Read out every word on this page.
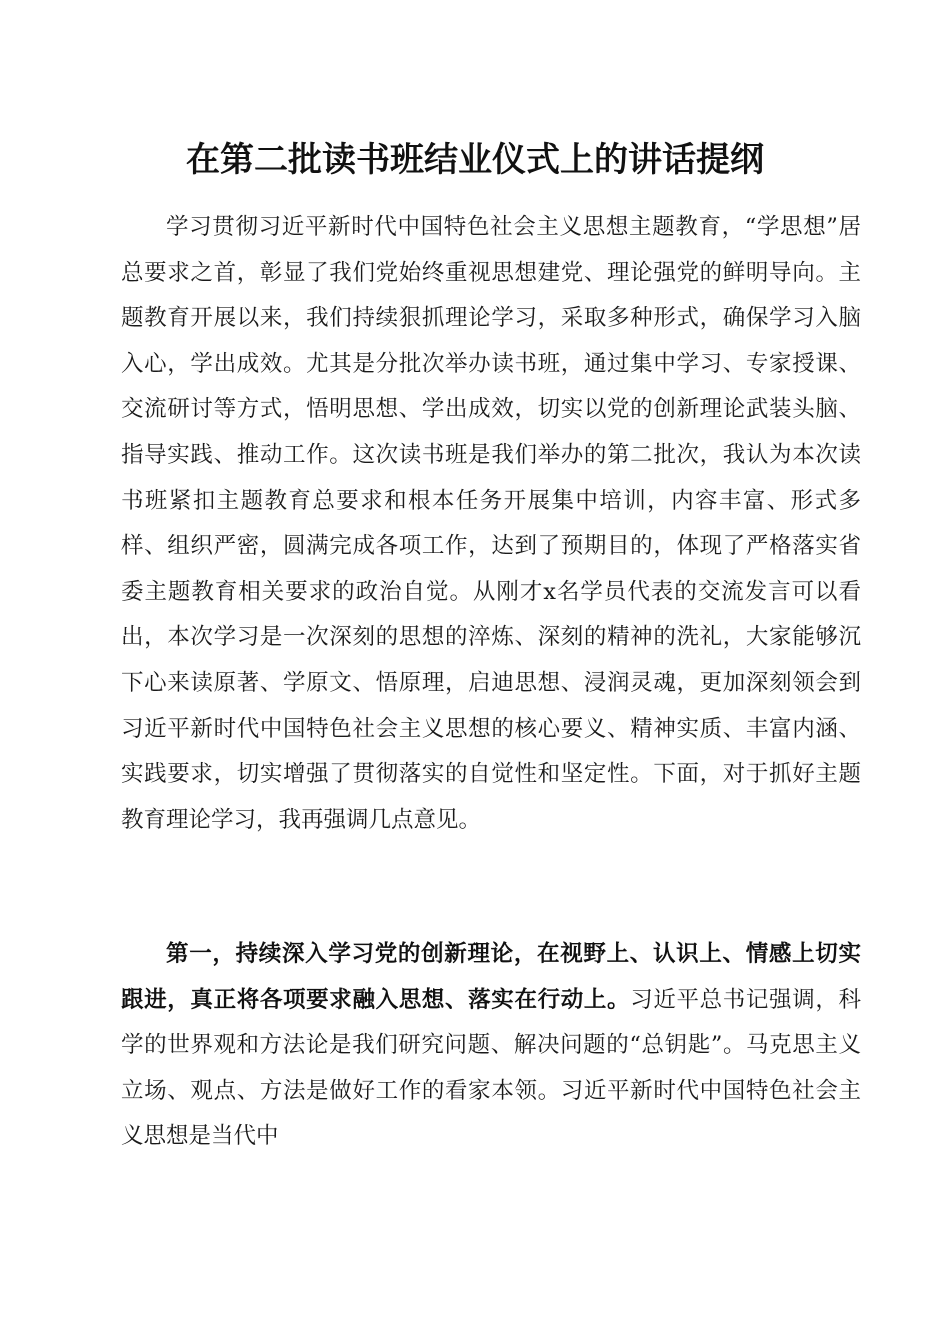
在第二批读书班结业仪式上的讲话提纲

学习贯彻习近平新时代中国特色社会主义思想主题教育，“学思想”居总要求之首，彰显了我们党始终重视思想建党、理论强党的鲜明导向。主题教育开展以来，我们持续狠抓理论学习，采取多种形式，确保学习入脑入心，学出成效。尤其是分批次举办读书班，通过集中学习、专家授课、交流研讨等方式，悟明思想、学出成效，切实以党的创新理论武装头脑、指导实践、推动工作。这次读书班是我们举办的第二批次，我认为本次读书班紧扣主题教育总要求和根本任务开展集中培训，内容丰富、形式多样、组织严密，圆满完成各项工作，达到了预期目的，体现了严格落实省委主题教育相关要求的政治自觉。从刚才x名学员代表的交流发言可以看出，本次学习是一次深刻的思想的淬炼、深刻的精神的洗礼，大家能够沉下心来读原著、学原文、悟原理，启迪思想、浸润灵魂，更加深刻领会到习近平新时代中国特色社会主义思想的核心要义、精神实质、丰富内涵、实践要求，切实增强了贯彻落实的自觉性和坚定性。下面，对于抓好主题教育理论学习，我再强调几点意见。

第一，持续深入学习党的创新理论，在视野上、认识上、情感上切实跟进，真正将各项要求融入思想、落实在行动上。习近平总书记强调，科学的世界观和方法论是我们研究问题、解决问题的“总钥匙”。马克思主义立场、观点、方法是做好工作的看家本领。习近平新时代中国特色社会主义思想是当代中
